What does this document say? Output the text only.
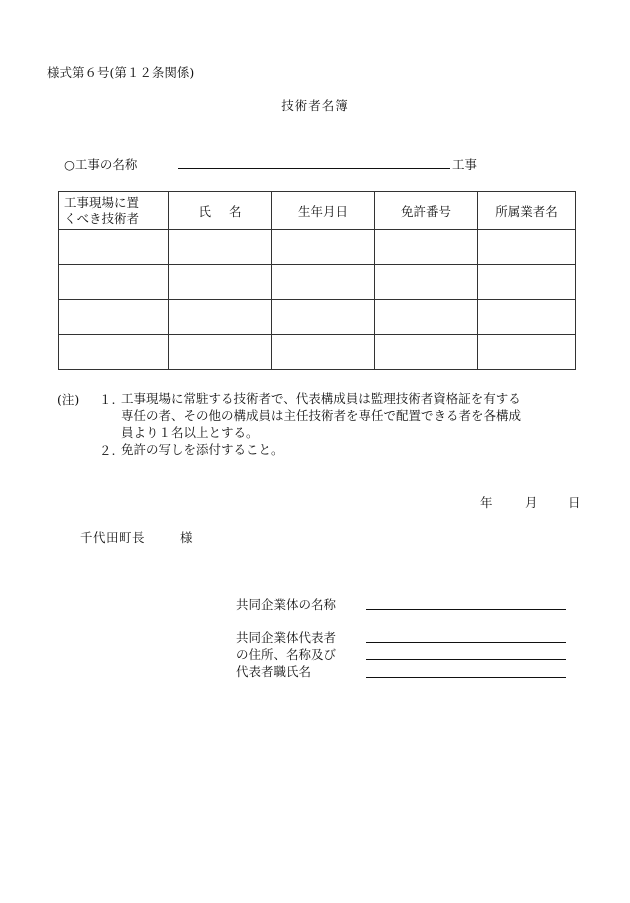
様式第６号(第１２条関係)
技術者名簿
○工事の名称	工事
工事現場に置
くべき技術者	氏名	生年月日	免許番号	所属業者名

(注) １. 工事現場に常駐する技術者で、代表構成員は監理技術者資格証を有する
専任の者、その他の構成員は主任技術者を専任で配置できる者を各構成
員より１名以上とする。
２. 免許の写しを添付すること。
年	月 日
千代田町長	様
共同企業体の名称
共同企業体代表者
の住所、名称及び
代表者職氏名
